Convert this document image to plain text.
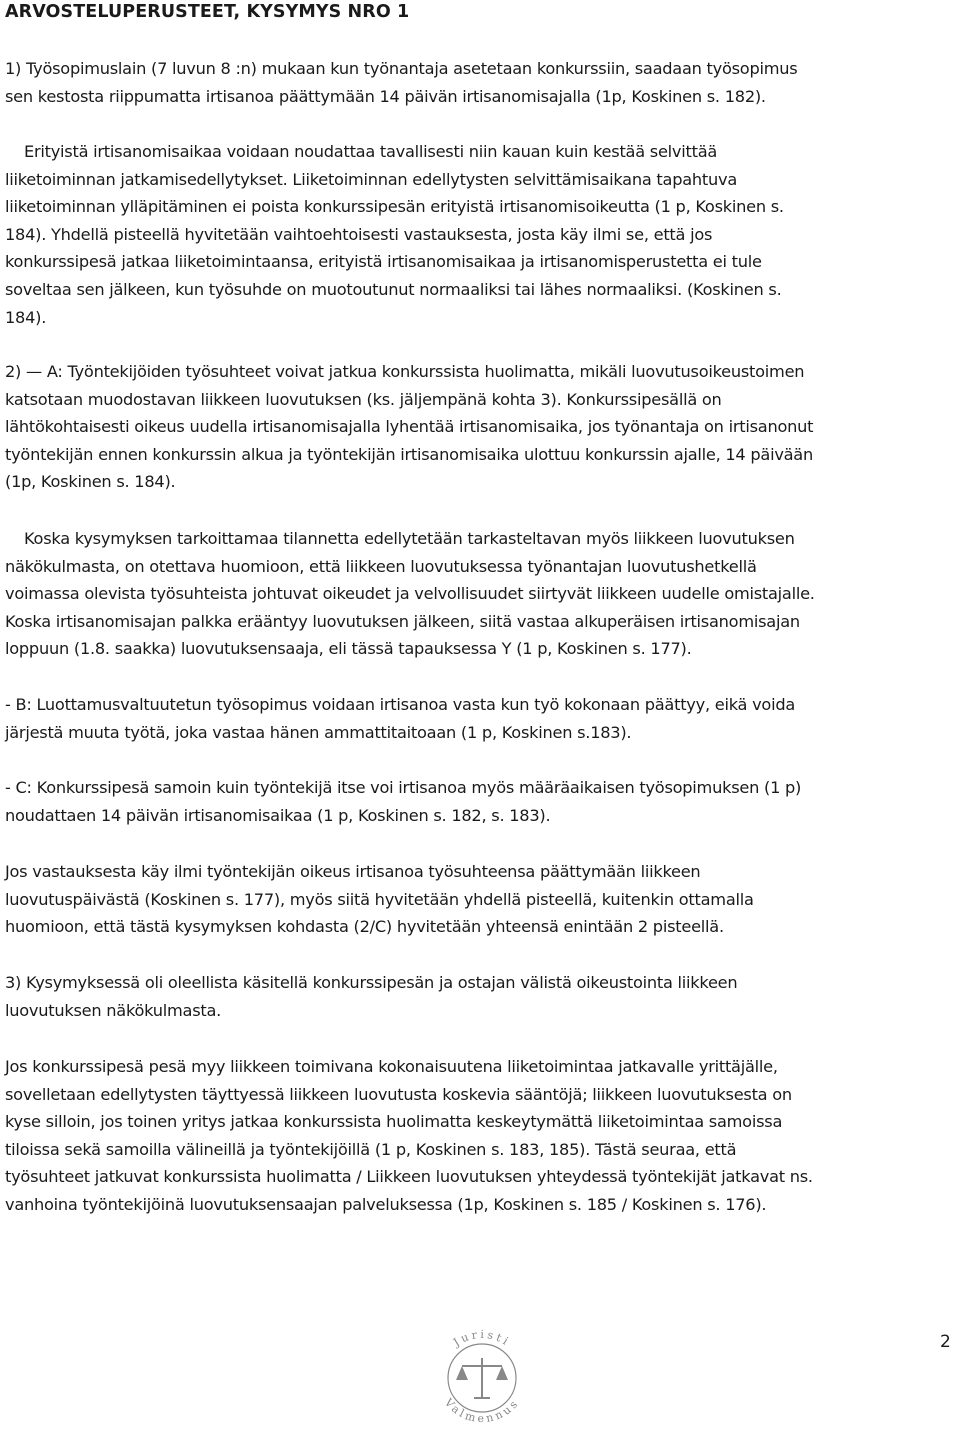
ARVOSTELUPERUSTEET, KYSYMYS NRO 1
1) Työsopimuslain (7 luvun 8 :n) mukaan kun työnantaja asetetaan konkurssiin, saadaan työsopimus
sen kestosta riippumatta irtisanoa päättymään 14 päivän irtisanomisajalla (1p, Koskinen s. 182).
Erityistä irtisanomisaikaa voidaan noudattaa tavallisesti niin kauan kuin kestää selvittää
liiketoiminnan jatkamisedellytykset. Liiketoiminnan edellytysten selvittämisaikana tapahtuva
liiketoiminnan ylläpitäminen ei poista konkurssipesän erityistä irtisanomisoikeutta (1 p, Koskinen s.
184). Yhdellä pisteellä hyvitetään vaihtoehtoisesti vastauksesta, josta käy ilmi se, että jos
konkurssipesä jatkaa liiketoimintaansa, erityistä irtisanomisaikaa ja irtisanomisperustetta ei tule
soveltaa sen jälkeen, kun työsuhde on muotoutunut normaaliksi tai lähes normaaliksi. (Koskinen s.
184).
2) — A: Työntekijöiden työsuhteet voivat jatkua konkurssista huolimatta, mikäli luovutusoikeustoimen
katsotaan muodostavan liikkeen luovutuksen (ks. jäljempänä kohta 3). Konkurssipesällä on
lähtökohtaisesti oikeus uudella irtisanomisajalla lyhentää irtisanomisaika, jos työnantaja on irtisanonut
työntekijän ennen konkurssin alkua ja työntekijän irtisanomisaika ulottuu konkurssin ajalle, 14 päivään
(1p, Koskinen s. 184).
Koska kysymyksen tarkoittamaa tilannetta edellytetään tarkasteltavan myös liikkeen luovutuksen
näkökulmasta, on otettava huomioon, että liikkeen luovutuksessa työnantajan luovutushetkellä
voimassa olevista työsuhteista johtuvat oikeudet ja velvollisuudet siirtyvät liikkeen uudelle omistajalle.
Koska irtisanomisajan palkka erääntyy luovutuksen jälkeen, siitä vastaa alkuperäisen irtisanomisajan
loppuun (1.8. saakka) luovutuksensaaja, eli tässä tapauksessa Y (1 p, Koskinen s. 177).
- B: Luottamusvaltuutetun työsopimus voidaan irtisanoa vasta kun työ kokonaan päättyy, eikä voida
järjestä muuta työtä, joka vastaa hänen ammattitaitoaan (1 p, Koskinen s.183).
- C: Konkurssipesä samoin kuin työntekijä itse voi irtisanoa myös määräaikaisen työsopimuksen (1 p)
noudattaen 14 päivän irtisanomisaikaa (1 p, Koskinen s. 182, s. 183).
Jos vastauksesta käy ilmi työntekijän oikeus irtisanoa työsuhteensa päättymään liikkeen
luovutuspäivästä (Koskinen s. 177), myös siitä hyvitetään yhdellä pisteellä, kuitenkin ottamalla
huomioon, että tästä kysymyksen kohdasta (2/C) hyvitetään yhteensä enintään 2 pisteellä.
3) Kysymyksessä oli oleellista käsitellä konkurssipesän ja ostajan välistä oikeustointa liikkeen
luovutuksen näkökulmasta.
Jos konkurssipesä pesä myy liikkeen toimivana kokonaisuutena liiketoimintaa jatkavalle yrittäjälle,
sovelletaan edellytysten täyttyessä liikkeen luovutusta koskevia sääntöjä; liikkeen luovutuksesta on
kyse silloin, jos toinen yritys jatkaa konkurssista huolimatta keskeytymättä liiketoimintaa samoissa
tiloissa sekä samoilla välineillä ja työntekijöillä (1 p, Koskinen s. 183, 185). Tästä seuraa, että
työsuhteet jatkuvat konkurssista huolimatta / Liikkeen luovutuksen yhteydessä työntekijät jatkavat ns.
vanhoina työntekijöinä luovutuksensaajan palveluksessa (1p, Koskinen s. 185 / Koskinen s. 176).
2
Juristi
Valmennus
